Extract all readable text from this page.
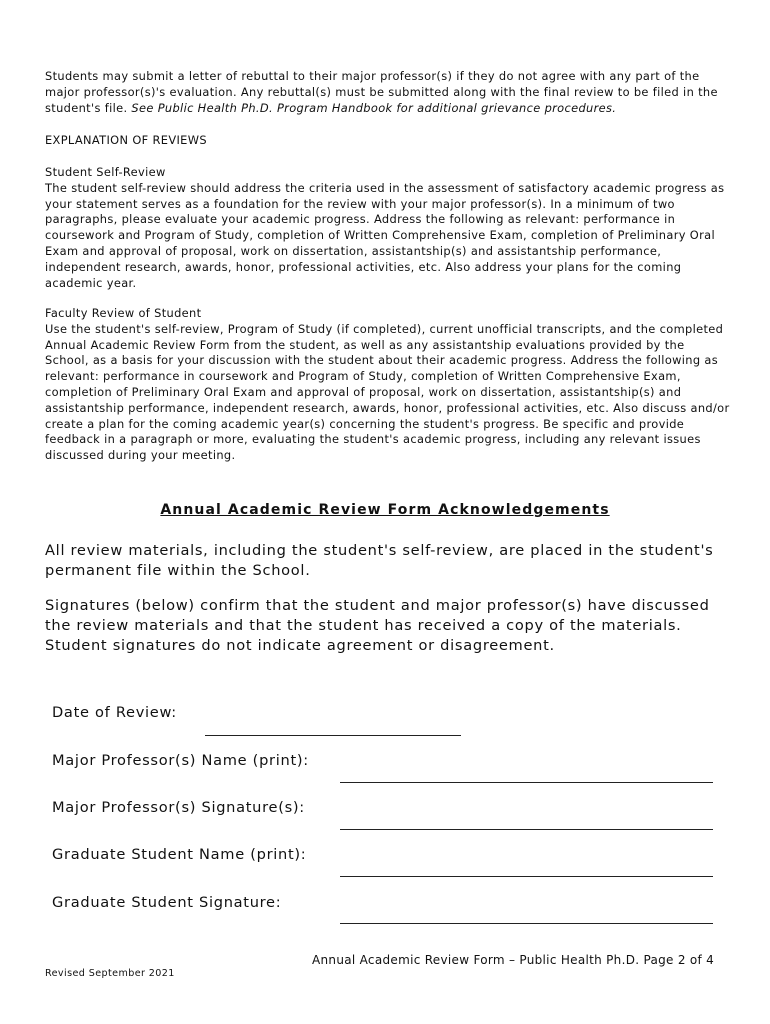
Students may submit a letter of rebuttal to their major professor(s) if they do not agree with any part of the major professor(s)'s evaluation. Any rebuttal(s) must be submitted along with the final review to be filed in the student's file. See Public Health Ph.D. Program Handbook for additional grievance procedures.

EXPLANATION OF REVIEWS

Student Self-Review
The student self-review should address the criteria used in the assessment of satisfactory academic progress as your statement serves as a foundation for the review with your major professor(s). In a minimum of two paragraphs, please evaluate your academic progress. Address the following as relevant: performance in coursework and Program of Study, completion of Written Comprehensive Exam, completion of Preliminary Oral Exam and approval of proposal, work on dissertation, assistantship(s) and assistantship performance, independent research, awards, honor, professional activities, etc. Also address your plans for the coming academic year.
Faculty Review of Student
Use the student's self-review, Program of Study (if completed), current unofficial transcripts, and the completed Annual Academic Review Form from the student, as well as any assistantship evaluations provided by the School, as a basis for your discussion with the student about their academic progress. Address the following as relevant: performance in coursework and Program of Study, completion of Written Comprehensive Exam, completion of Preliminary Oral Exam and approval of proposal, work on dissertation, assistantship(s) and assistantship performance, independent research, awards, honor, professional activities, etc. Also discuss and/or create a plan for the coming academic year(s) concerning the student's progress. Be specific and provide feedback in a paragraph or more, evaluating the student's academic progress, including any relevant issues discussed during your meeting.

Annual Academic Review Form Acknowledgements

All review materials, including the student's self-review, are placed in the student's permanent file within the School.

Signatures (below) confirm that the student and major professor(s) have discussed the review materials and that the student has received a copy of the materials. Student signatures do not indicate agreement or disagreement.

Date of Review:

Major Professor(s) Name (print):

Major Professor(s) Signature(s):

Graduate Student Name (print):

Graduate Student Signature:

Annual Academic Review Form – Public Health Ph.D. Page 2 of 4

Revised September 2021
